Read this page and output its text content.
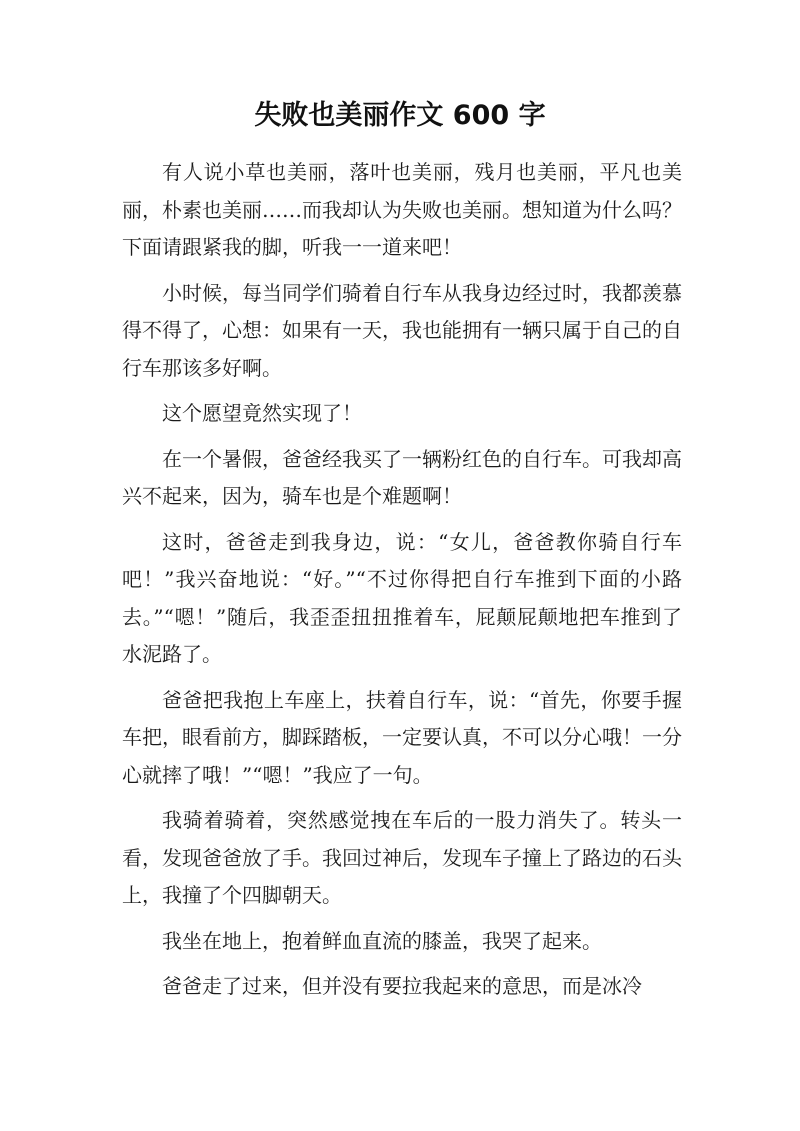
失败也美丽作文 600 字

有人说小草也美丽，落叶也美丽，残月也美丽，平凡也美丽，朴素也美丽……而我却认为失败也美丽。想知道为什么吗？下面请跟紧我的脚，听我一一道来吧！

小时候，每当同学们骑着自行车从我身边经过时，我都羡慕得不得了，心想：如果有一天，我也能拥有一辆只属于自己的自行车那该多好啊。

这个愿望竟然实现了！

在一个暑假，爸爸经我买了一辆粉红色的自行车。可我却高兴不起来，因为，骑车也是个难题啊！

这时，爸爸走到我身边，说：“女儿，爸爸教你骑自行车吧！”我兴奋地说：“好。”“不过你得把自行车推到下面的小路去。”“嗯！”随后，我歪歪扭扭推着车，屁颠屁颠地把车推到了水泥路了。

爸爸把我抱上车座上，扶着自行车，说：“首先，你要手握车把，眼看前方，脚踩踏板，一定要认真，不可以分心哦！一分心就摔了哦！”“嗯！”我应了一句。

我骑着骑着，突然感觉拽在车后的一股力消失了。转头一看，发现爸爸放了手。我回过神后，发现车子撞上了路边的石头上，我撞了个四脚朝天。

我坐在地上，抱着鲜血直流的膝盖，我哭了起来。

爸爸走了过来，但并没有要拉我起来的意思，而是冰冷
